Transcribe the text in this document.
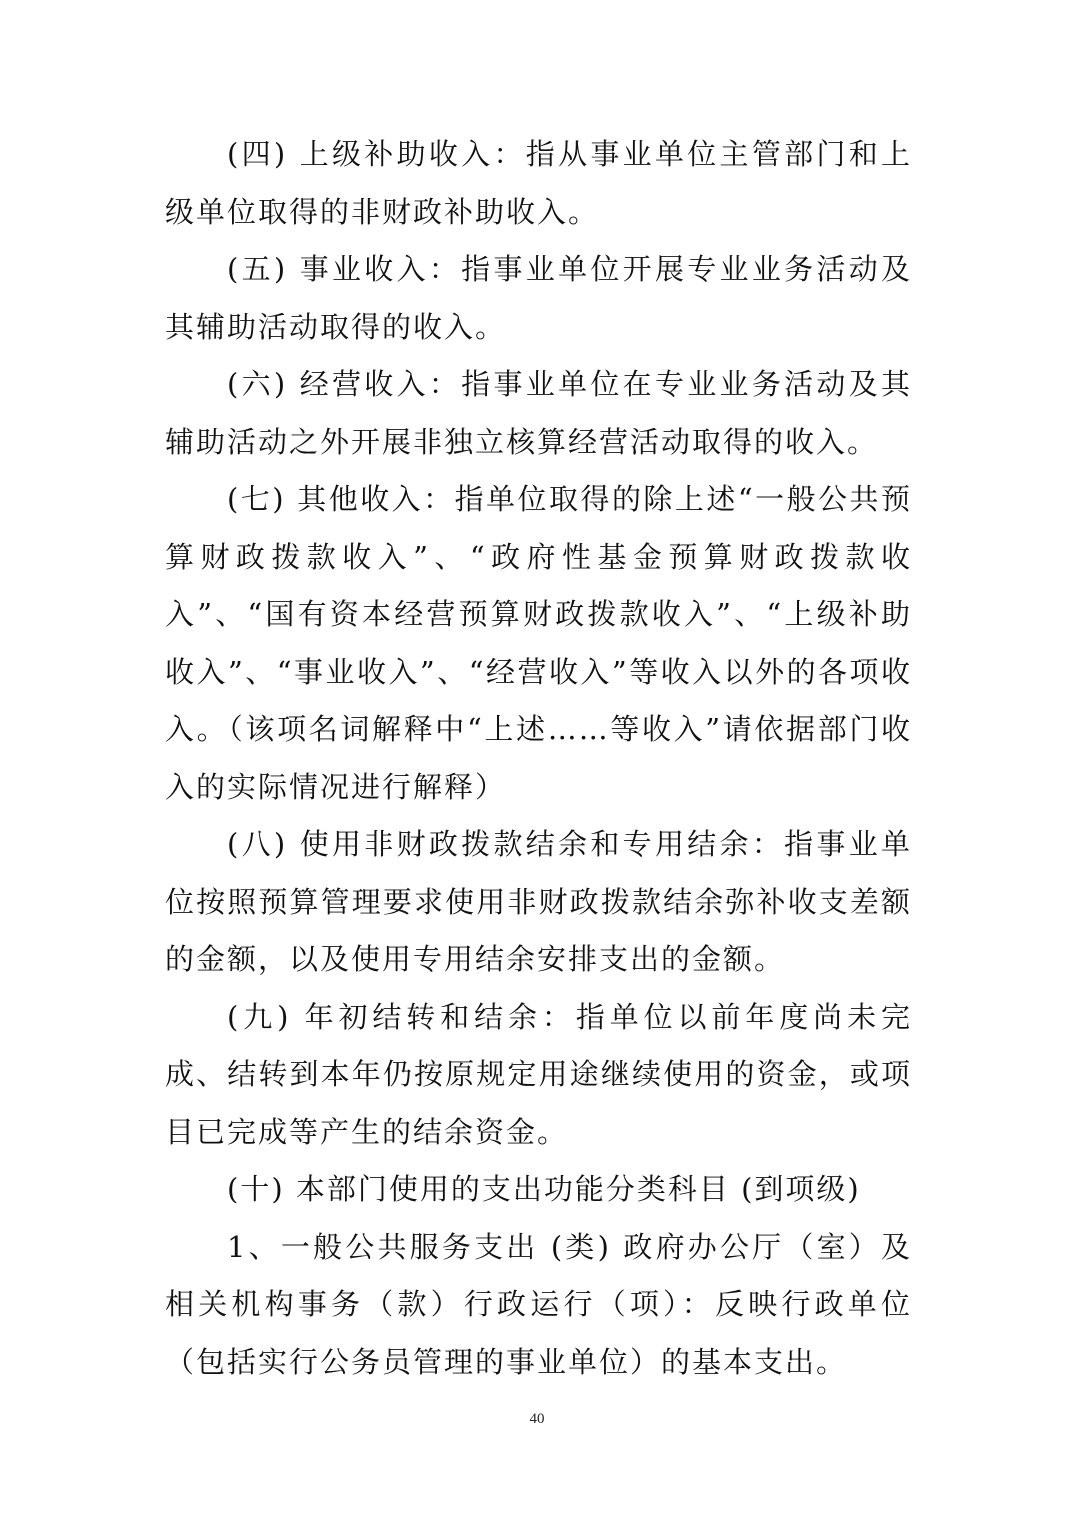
(四) 上级补助收入：指从事业单位主管部门和上级单位取得的非财政补助收入。

(五) 事业收入：指事业单位开展专业业务活动及其辅助活动取得的收入。

(六) 经营收入：指事业单位在专业业务活动及其辅助活动之外开展非独立核算经营活动取得的收入。

(七) 其他收入：指单位取得的除上述“一般公共预算财政拨款收入”、“政府性基金预算财政拨款收入”、“国有资本经营预算财政拨款收入”、“上级补助收入”、“事业收入”、“经营收入”等收入以外的各项收入。（该项名词解释中“上述……等收入”请依据部门收入的实际情况进行解释）

(八) 使用非财政拨款结余和专用结余：指事业单位按照预算管理要求使用非财政拨款结余弥补收支差额的金额，以及使用专用结余安排支出的金额。

(九) 年初结转和结余：指单位以前年度尚未完成、结转到本年仍按原规定用途继续使用的资金，或项目已完成等产生的结余资金。

(十) 本部门使用的支出功能分类科目 (到项级)

1、一般公共服务支出 (类) 政府办公厅（室）及相关机构事务（款）行政运行（项）：反映行政单位（包括实行公务员管理的事业单位）的基本支出。

40
